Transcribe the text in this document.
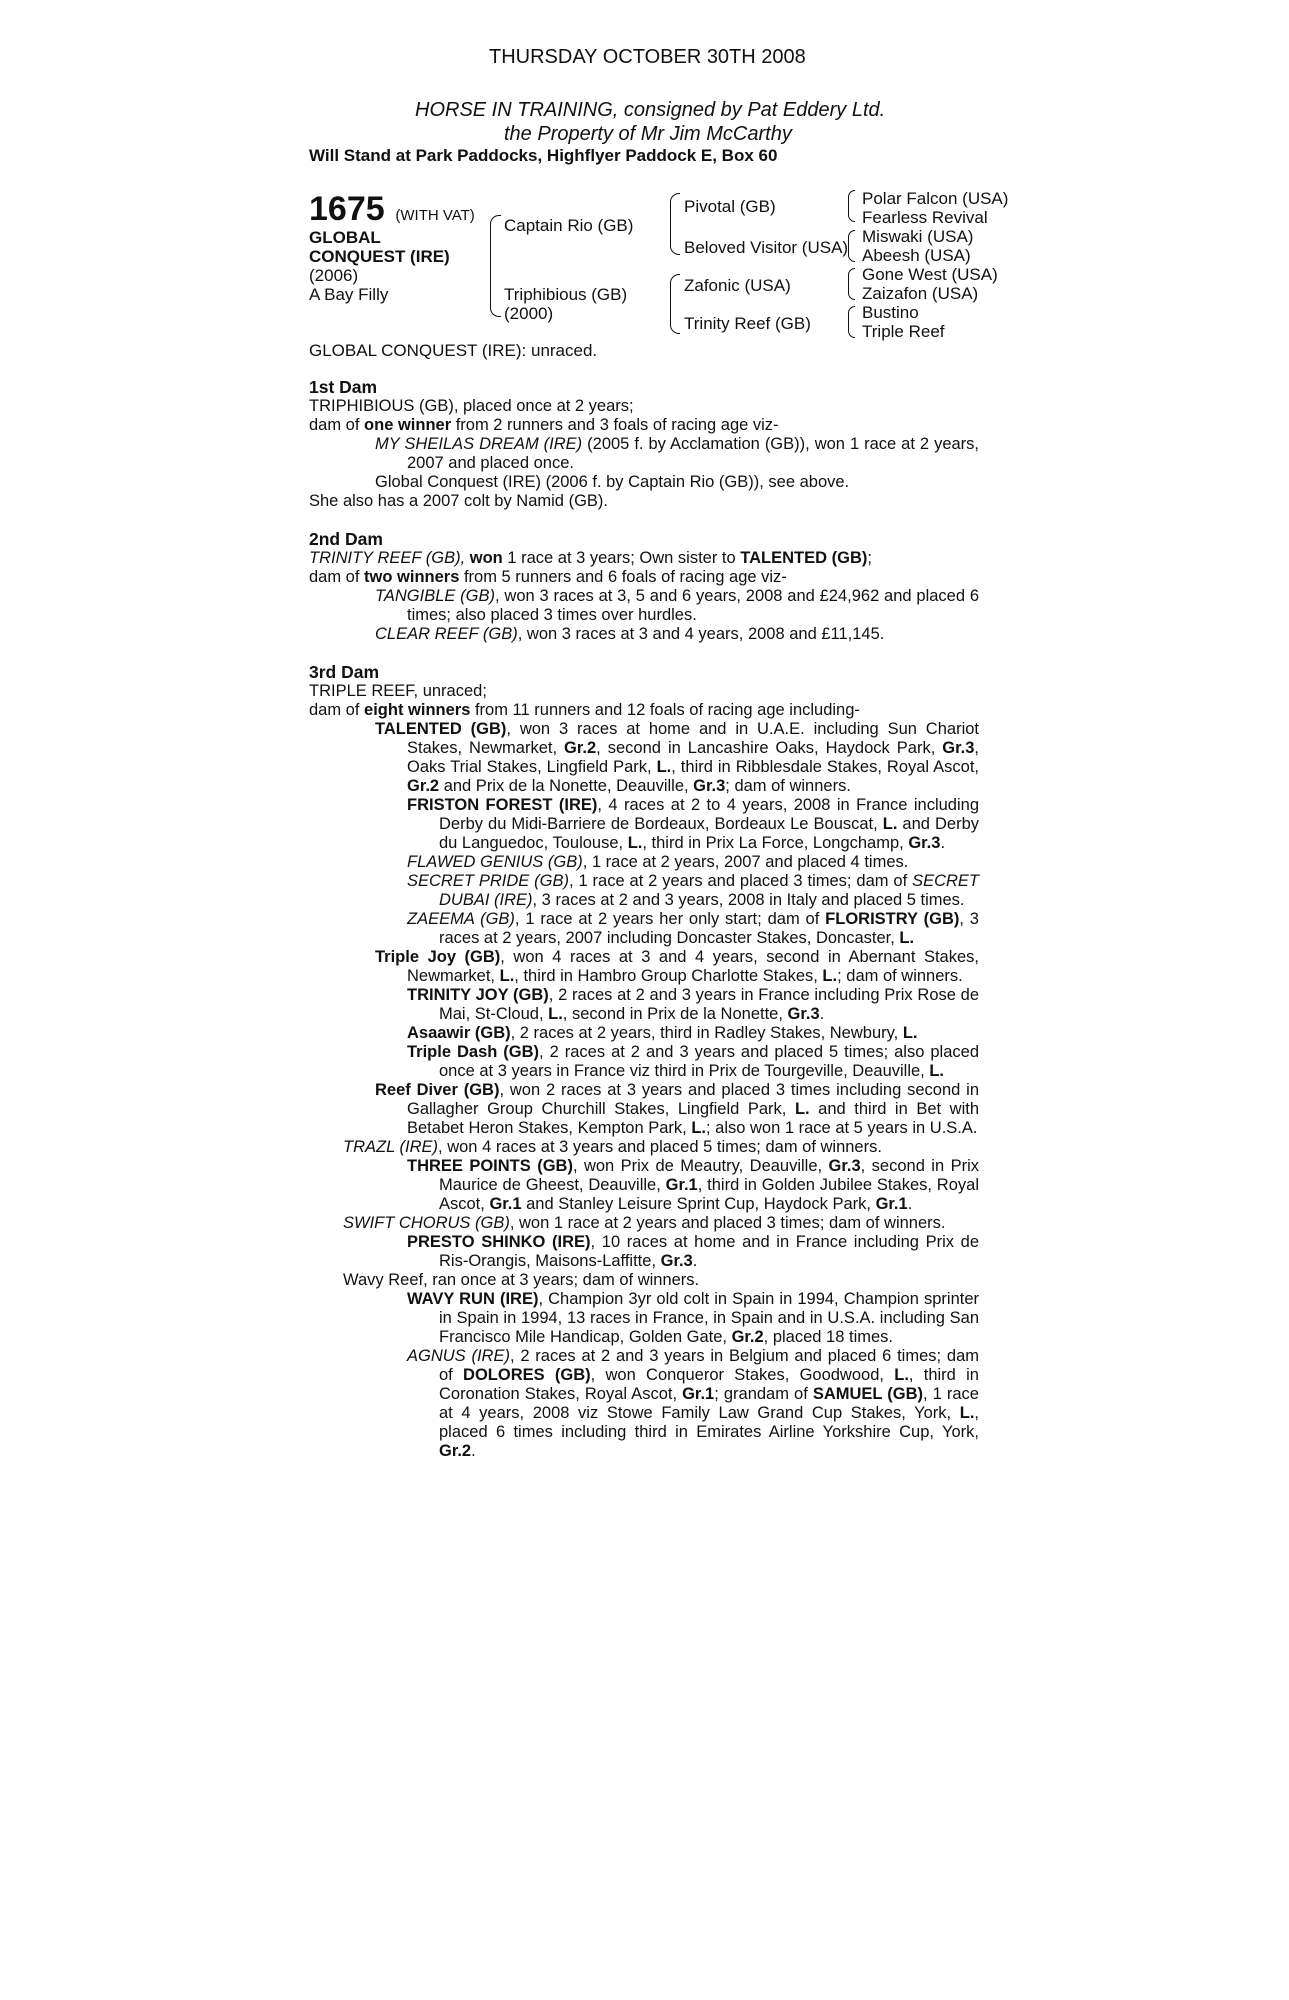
THURSDAY OCTOBER 30TH 2008
HORSE IN TRAINING, consigned by Pat Eddery Ltd.
the Property of Mr Jim McCarthy
Will Stand at Park Paddocks, Highflyer Paddock E, Box 60
1675 (WITH VAT)
GLOBAL
CONQUEST (IRE)
(2006)
A Bay Filly
Captain Rio (GB)
Triphibious (GB)
(2000)
Pivotal (GB)
Beloved Visitor (USA)
Zafonic (USA)
Trinity Reef (GB)
Polar Falcon (USA)
Fearless Revival
Miswaki (USA)
Abeesh (USA)
Gone West (USA)
Zaizafon (USA)
Bustino
Triple Reef
GLOBAL CONQUEST (IRE): unraced.

1st Dam

TRIPHIBIOUS (GB), placed once at 2 years;

dam of one winner from 2 runners and 3 foals of racing age viz-

MY SHEILAS DREAM (IRE) (2005 f. by Acclamation (GB)), won 1 race at 2 years, 2007 and placed once.

Global Conquest (IRE) (2006 f. by Captain Rio (GB)), see above.

She also has a 2007 colt by Namid (GB).

2nd Dam

TRINITY REEF (GB), won 1 race at 3 years; Own sister to TALENTED (GB);

dam of two winners from 5 runners and 6 foals of racing age viz-

TANGIBLE (GB), won 3 races at 3, 5 and 6 years, 2008 and £24,962 and placed 6 times; also placed 3 times over hurdles.

CLEAR REEF (GB), won 3 races at 3 and 4 years, 2008 and £11,145.

3rd Dam

TRIPLE REEF, unraced;

dam of eight winners from 11 runners and 12 foals of racing age including-

TALENTED (GB), won 3 races at home and in U.A.E. including Sun Chariot Stakes, Newmarket, Gr.2, second in Lancashire Oaks, Haydock Park, Gr.3, Oaks Trial Stakes, Lingfield Park, L., third in Ribblesdale Stakes, Royal Ascot, Gr.2 and Prix de la Nonette, Deauville, Gr.3; dam of winners.

FRISTON FOREST (IRE), 4 races at 2 to 4 years, 2008 in France including Derby du Midi-Barriere de Bordeaux, Bordeaux Le Bouscat, L. and Derby du Languedoc, Toulouse, L., third in Prix La Force, Longchamp, Gr.3.

FLAWED GENIUS (GB), 1 race at 2 years, 2007 and placed 4 times.

SECRET PRIDE (GB), 1 race at 2 years and placed 3 times; dam of SECRET DUBAI (IRE), 3 races at 2 and 3 years, 2008 in Italy and placed 5 times.

ZAEEMA (GB), 1 race at 2 years her only start; dam of FLORISTRY (GB), 3 races at 2 years, 2007 including Doncaster Stakes, Doncaster, L.

Triple Joy (GB), won 4 races at 3 and 4 years, second in Abernant Stakes, Newmarket, L., third in Hambro Group Charlotte Stakes, L.; dam of winners.

TRINITY JOY (GB), 2 races at 2 and 3 years in France including Prix Rose de Mai, St-Cloud, L., second in Prix de la Nonette, Gr.3.

Asaawir (GB), 2 races at 2 years, third in Radley Stakes, Newbury, L.

Triple Dash (GB), 2 races at 2 and 3 years and placed 5 times; also placed once at 3 years in France viz third in Prix de Tourgeville, Deauville, L.

Reef Diver (GB), won 2 races at 3 years and placed 3 times including second in Gallagher Group Churchill Stakes, Lingfield Park, L. and third in Bet with Betabet Heron Stakes, Kempton Park, L.; also won 1 race at 5 years in U.S.A.

TRAZL (IRE), won 4 races at 3 years and placed 5 times; dam of winners.

THREE POINTS (GB), won Prix de Meautry, Deauville, Gr.3, second in Prix Maurice de Gheest, Deauville, Gr.1, third in Golden Jubilee Stakes, Royal Ascot, Gr.1 and Stanley Leisure Sprint Cup, Haydock Park, Gr.1.

SWIFT CHORUS (GB), won 1 race at 2 years and placed 3 times; dam of winners.

PRESTO SHINKO (IRE), 10 races at home and in France including Prix de Ris-Orangis, Maisons-Laffitte, Gr.3.

Wavy Reef, ran once at 3 years; dam of winners.

WAVY RUN (IRE), Champion 3yr old colt in Spain in 1994, Champion sprinter in Spain in 1994, 13 races in France, in Spain and in U.S.A. including San Francisco Mile Handicap, Golden Gate, Gr.2, placed 18 times.

AGNUS (IRE), 2 races at 2 and 3 years in Belgium and placed 6 times; dam of DOLORES (GB), won Conqueror Stakes, Goodwood, L., third in Coronation Stakes, Royal Ascot, Gr.1; grandam of SAMUEL (GB), 1 race at 4 years, 2008 viz Stowe Family Law Grand Cup Stakes, York, L., placed 6 times including third in Emirates Airline Yorkshire Cup, York, Gr.2.
